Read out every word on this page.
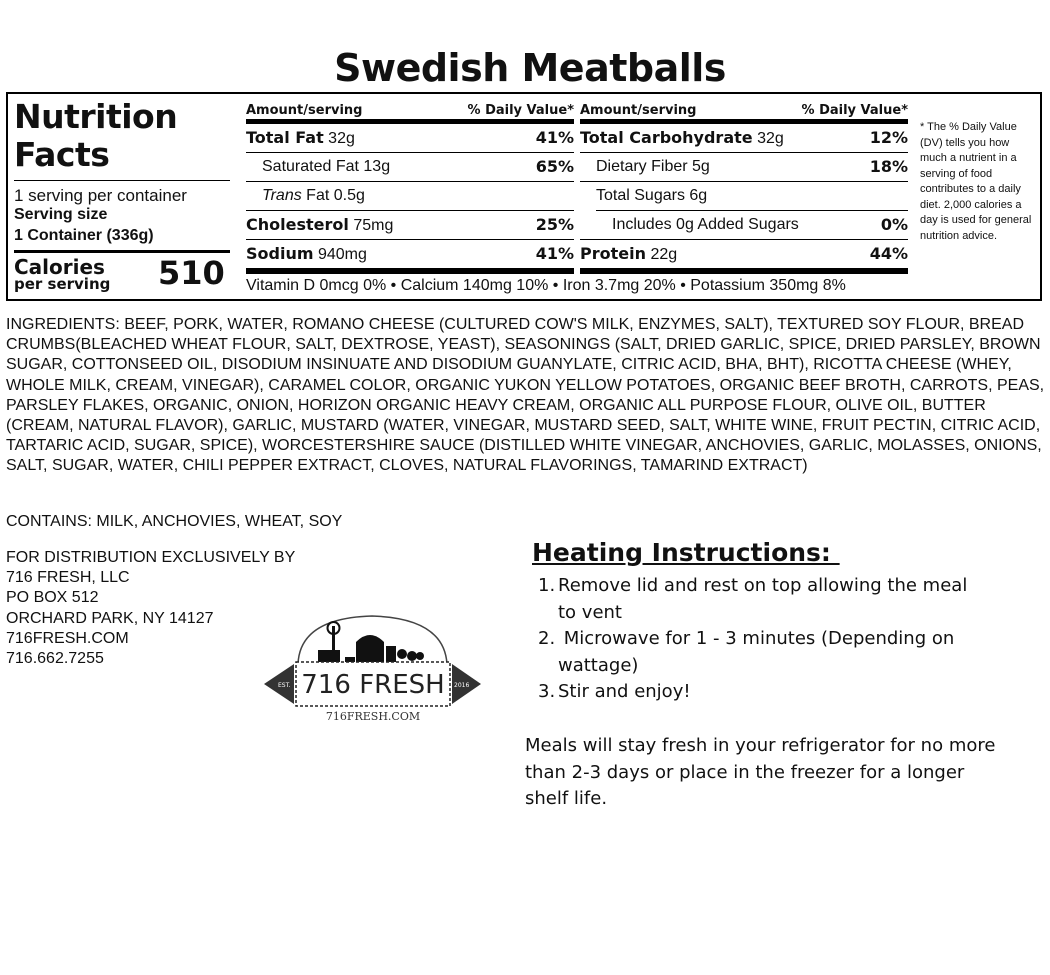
Swedish Meatballs
Nutrition
Facts
1 serving per container
Serving size
1 Container (336g)
Calories
per serving 510
Amount/serving	% Daily Value*
Total Fat 32g	41%
Saturated Fat 13g	65%
Trans Fat 0.5g
Cholesterol 75mg	25%
Sodium 940mg	41%
Amount/serving	% Daily Value*
Total Carbohydrate 32g	12%
Dietary Fiber 5g	18%
Total Sugars 6g
Includes 0g Added Sugars	0%
Protein 22g	44%
Vitamin D 0mcg 0% • Calcium 140mg 10% • Iron 3.7mg 20% • Potassium 350mg 8%
* The % Daily Value (DV) tells you how much a nutrient in a serving of food contributes to a daily diet. 2,000 calories a day is used for general nutrition advice.
INGREDIENTS: BEEF, PORK, WATER, ROMANO CHEESE (CULTURED COW'S MILK, ENZYMES, SALT), TEXTURED SOY FLOUR, BREAD CRUMBS(BLEACHED WHEAT FLOUR, SALT, DEXTROSE, YEAST), SEASONINGS (SALT, DRIED GARLIC, SPICE, DRIED PARSLEY, BROWN SUGAR, COTTONSEED OIL, DISODIUM INSINUATE AND DISODIUM GUANYLATE, CITRIC ACID, BHA, BHT), RICOTTA CHEESE (WHEY, WHOLE MILK, CREAM, VINEGAR), CARAMEL COLOR, ORGANIC YUKON YELLOW POTATOES, ORGANIC BEEF BROTH, CARROTS, PEAS, PARSLEY FLAKES, ORGANIC, ONION, HORIZON ORGANIC HEAVY CREAM, ORGANIC ALL PURPOSE FLOUR, OLIVE OIL, BUTTER (CREAM, NATURAL FLAVOR), GARLIC, MUSTARD (WATER, VINEGAR, MUSTARD SEED, SALT, WHITE WINE, FRUIT PECTIN, CITRIC ACID, TARTARIC ACID, SUGAR, SPICE), WORCESTERSHIRE SAUCE (DISTILLED WHITE VINEGAR, ANCHOVIES, GARLIC, MOLASSES, ONIONS, SALT, SUGAR, WATER, CHILI PEPPER EXTRACT, CLOVES, NATURAL FLAVORINGS, TAMARIND EXTRACT)
CONTAINS: MILK, ANCHOVIES, WHEAT, SOY
FOR DISTRIBUTION EXCLUSIVELY BY
716 FRESH, LLC
PO BOX 512
ORCHARD PARK, NY 14127
716FRESH.COM
716.662.7255
EST.	2016
716 FRESH
716FRESH.COM
Heating Instructions:
1. Remove lid and rest on top allowing the meal to vent
2. Microwave for 1 - 3 minutes (Depending on wattage)
3. Stir and enjoy!
Meals will stay fresh in your refrigerator for no more than 2-3 days or place in the freezer for a longer shelf life.
